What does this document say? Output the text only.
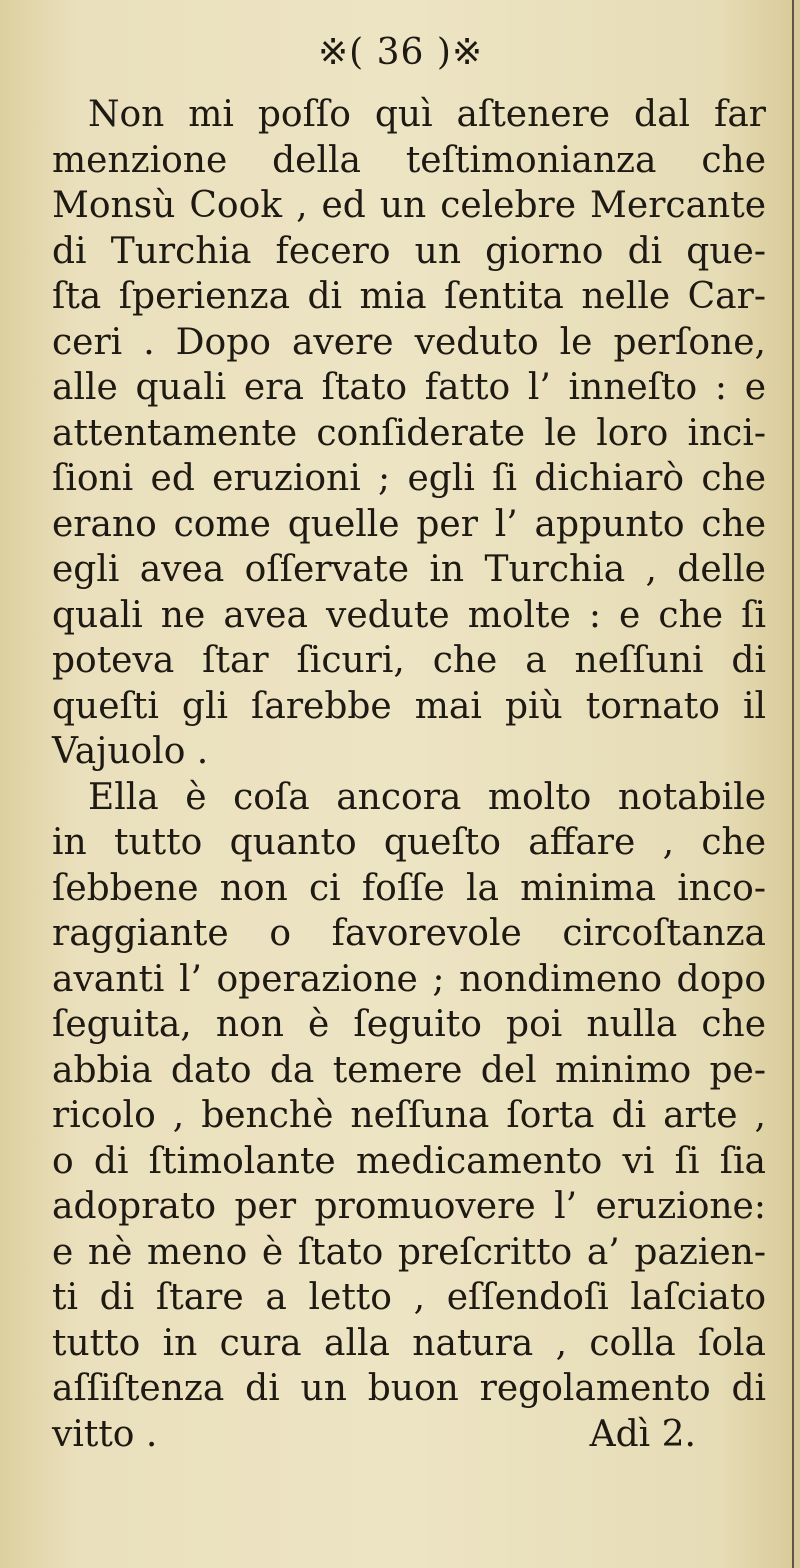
※( 36 )※
Non mi poſſo quì aſtenere dal far
menzione della teſtimonianza che
Monsù Cook , ed un celebre Mercante
di Turchia fecero un giorno di que-
ſta ſperienza di mia ſentita nelle Car-
ceri . Dopo avere veduto le perſone,
alle quali era ſtato fatto l’ inneſto : e
attentamente conſiderate le loro inci-
ſioni ed eruzioni ; egli ſi dichiarò che
erano come quelle per l’ appunto che
egli avea oſſervate in Turchia , delle
quali ne avea vedute molte : e che ſi
poteva ſtar ſicuri, che a neſſuni di
queſti gli ſarebbe mai più tornato il
Vajuolo .
Ella è coſa ancora molto notabile
in tutto quanto queſto affare , che
ſebbene non ci foſſe la minima inco-
raggiante o favorevole circoſtanza
avanti l’ operazione ; nondimeno dopo
ſeguita, non è ſeguito poi nulla che
abbia dato da temere del minimo pe-
ricolo , benchè neſſuna ſorta di arte ,
o di ſtimolante medicamento vi ſi ſia
adoprato per promuovere l’ eruzione:
e nè meno è ſtato preſcritto a’ pazien-
ti di ſtare a letto , eſſendoſi laſciato
tutto in cura alla natura , colla ſola
aſſiſtenza di un buon regolamento di
vitto .	Adì 2.
